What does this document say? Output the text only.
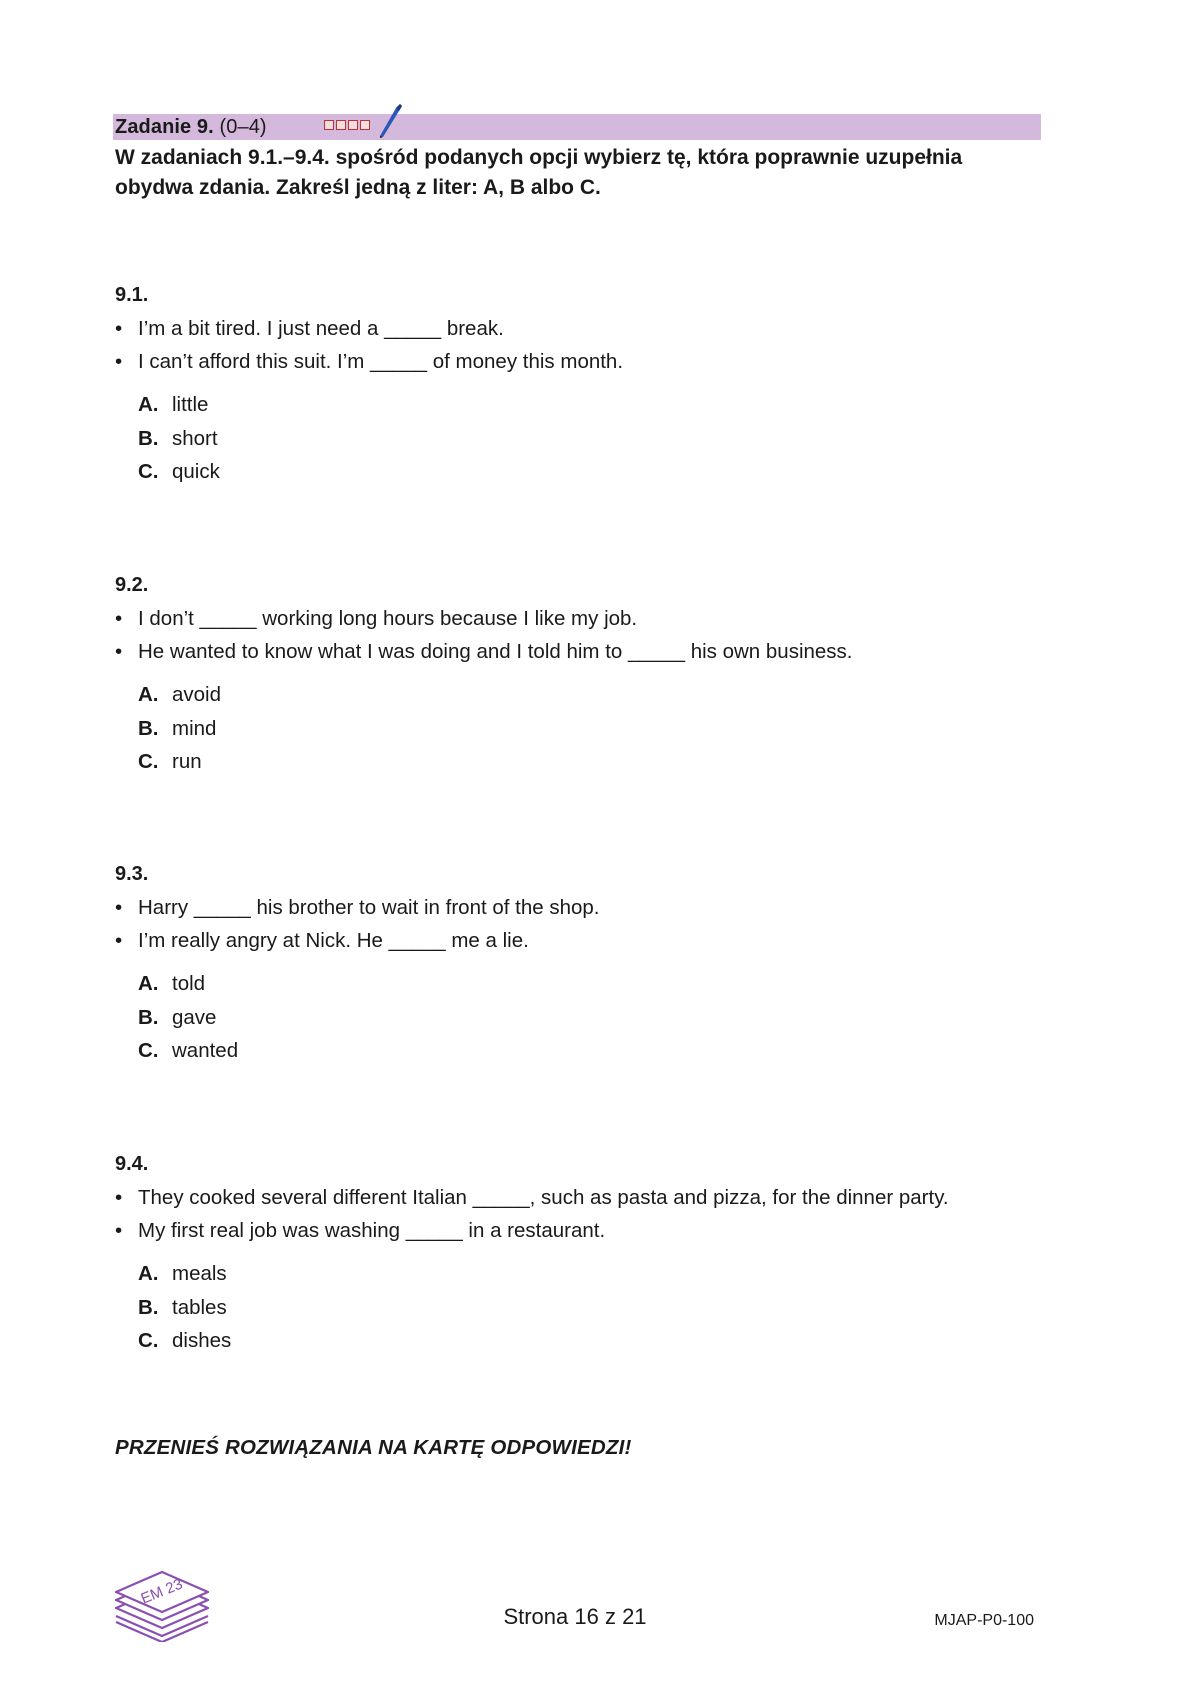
Zadanie 9. (0–4)
W zadaniach 9.1.–9.4. spośród podanych opcji wybierz tę, która poprawnie uzupełnia obydwa zdania. Zakreśl jedną z liter: A, B albo C.
9.1.
• I’m a bit tired. I just need a _____ break.
• I can’t afford this suit. I’m _____ of money this month.
A. little
B. short
C. quick
9.2.
• I don’t _____ working long hours because I like my job.
• He wanted to know what I was doing and I told him to _____ his own business.
A. avoid
B. mind
C. run
9.3.
• Harry _____ his brother to wait in front of the shop.
• I’m really angry at Nick. He _____ me a lie.
A. told
B. gave
C. wanted
9.4.
• They cooked several different Italian _____, such as pasta and pizza, for the dinner party.
• My first real job was washing _____ in a restaurant.
A. meals
B. tables
C. dishes
PRZENIEŚ ROZWIĄZANIA NA KARTĘ ODPOWIEDZI!
EM 23
Strona 16 z 21	MJAP-P0-100
